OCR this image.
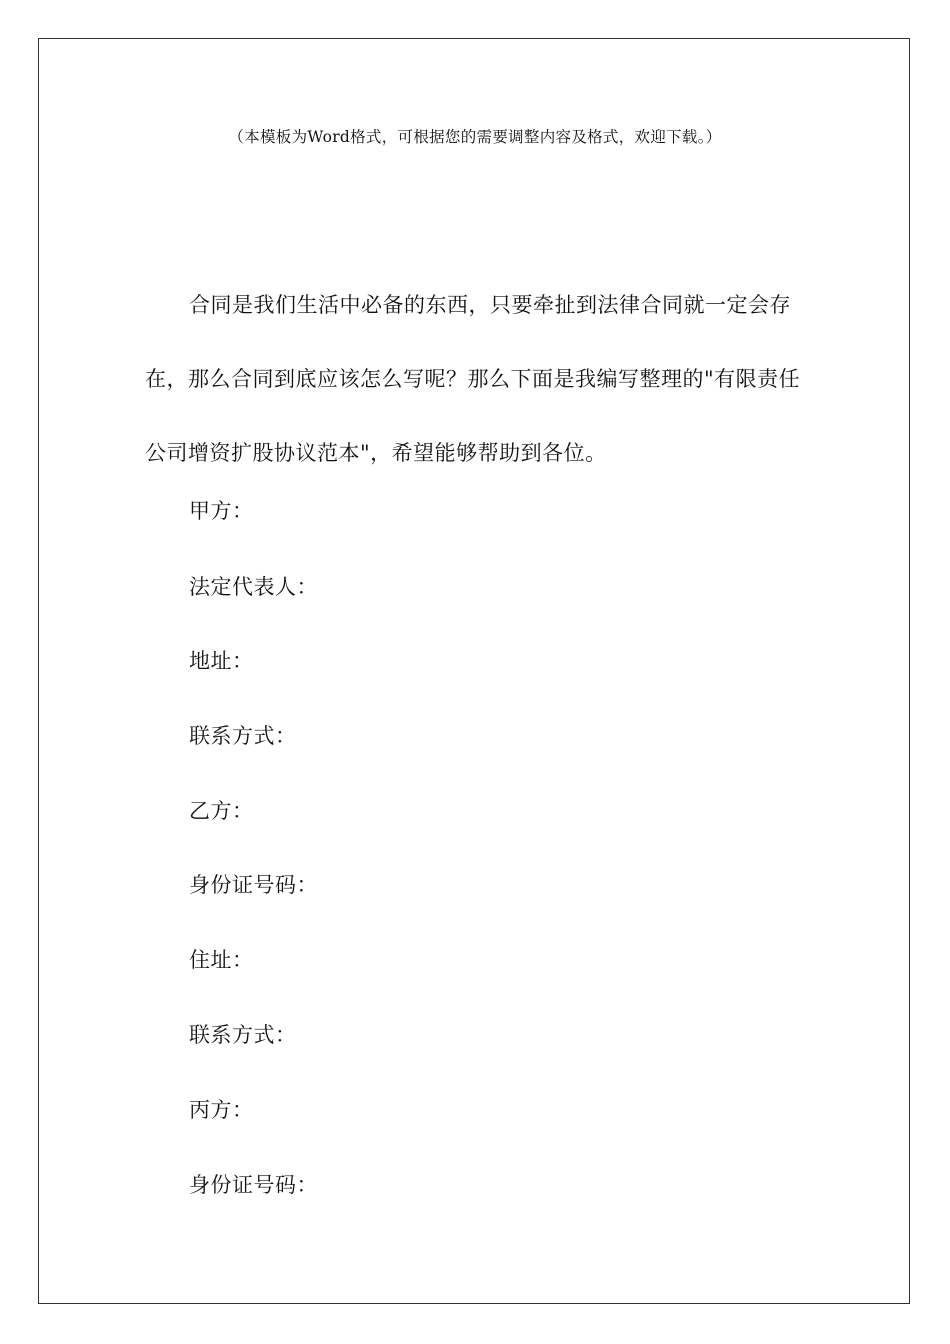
（本模板为Word格式，可根据您的需要调整内容及格式，欢迎下载。）

合同是我们生活中必备的东西，只要牵扯到法律合同就一定会存在，那么合同到底应该怎么写呢？那么下面是我编写整理的"有限责任公司增资扩股协议范本"，希望能够帮助到各位。

甲方：
法定代表人：
地址：
联系方式：
乙方：
身份证号码：
住址：
联系方式：
丙方：
身份证号码：
